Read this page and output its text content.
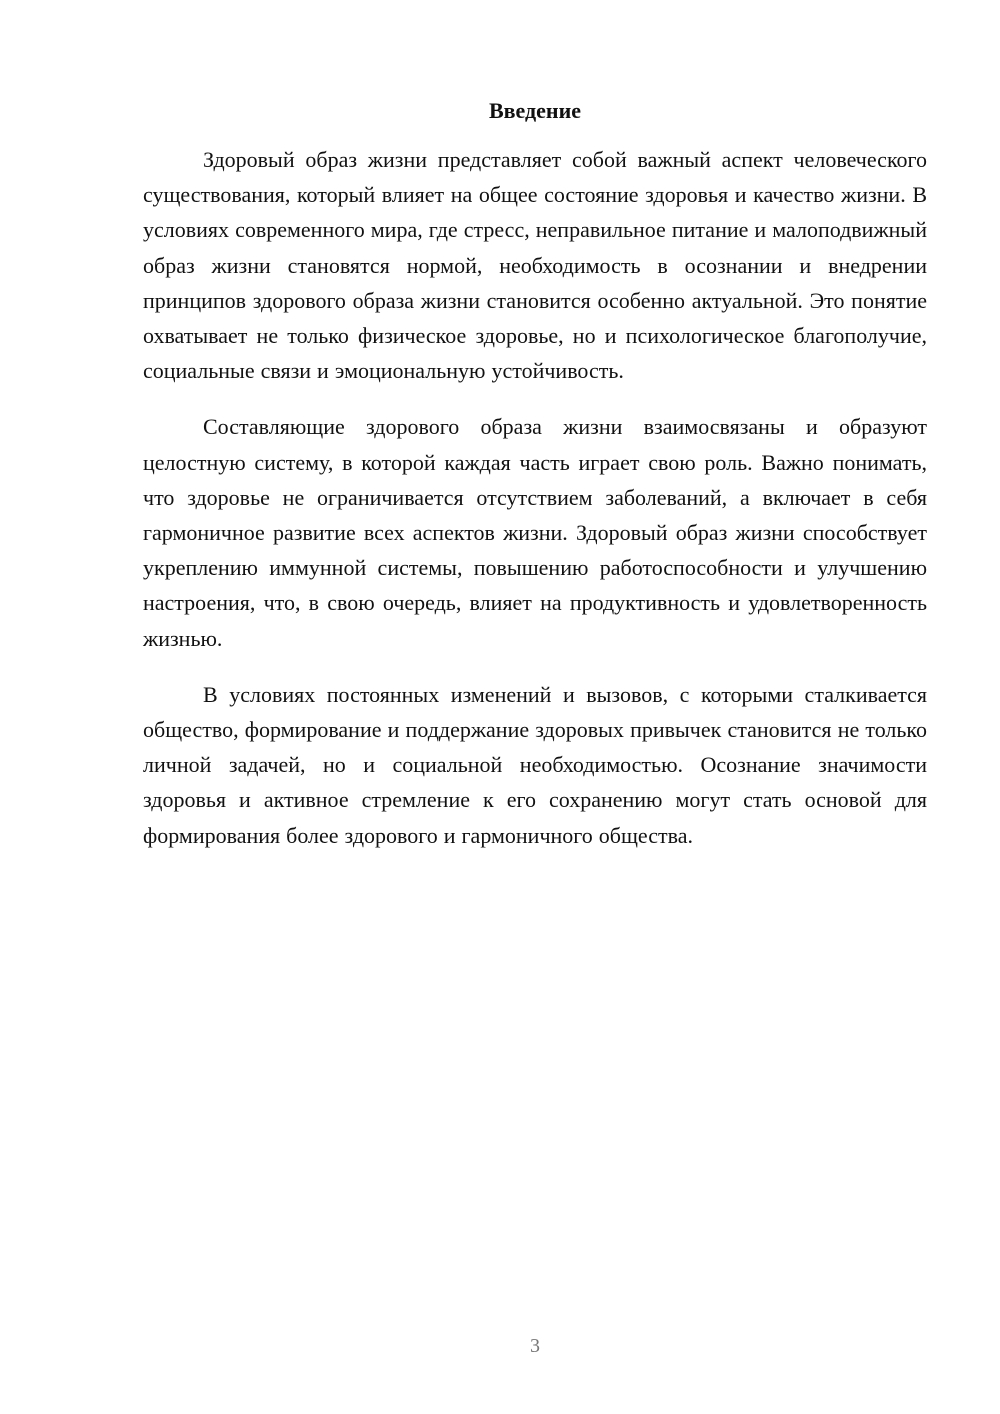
Введение

Здоровый образ жизни представляет собой важный аспект человеческого существования, который влияет на общее состояние здоровья и качество жизни. В условиях современного мира, где стресс, неправильное питание и малоподвижный образ жизни становятся нормой, необходимость в осознании и внедрении принципов здорового образа жизни становится особенно актуальной. Это понятие охватывает не только физическое здоровье, но и психологическое благополучие, социальные связи и эмоциональную устойчивость.

Составляющие здорового образа жизни взаимосвязаны и образуют целостную систему, в которой каждая часть играет свою роль. Важно понимать, что здоровье не ограничивается отсутствием заболеваний, а включает в себя гармоничное развитие всех аспектов жизни. Здоровый образ жизни способствует укреплению иммунной системы, повышению работоспособности и улучшению настроения, что, в свою очередь, влияет на продуктивность и удовлетворенность жизнью.

В условиях постоянных изменений и вызовов, с которыми сталкивается общество, формирование и поддержание здоровых привычек становится не только личной задачей, но и социальной необходимостью. Осознание значимости здоровья и активное стремление к его сохранению могут стать основой для формирования более здорового и гармоничного общества.

3
